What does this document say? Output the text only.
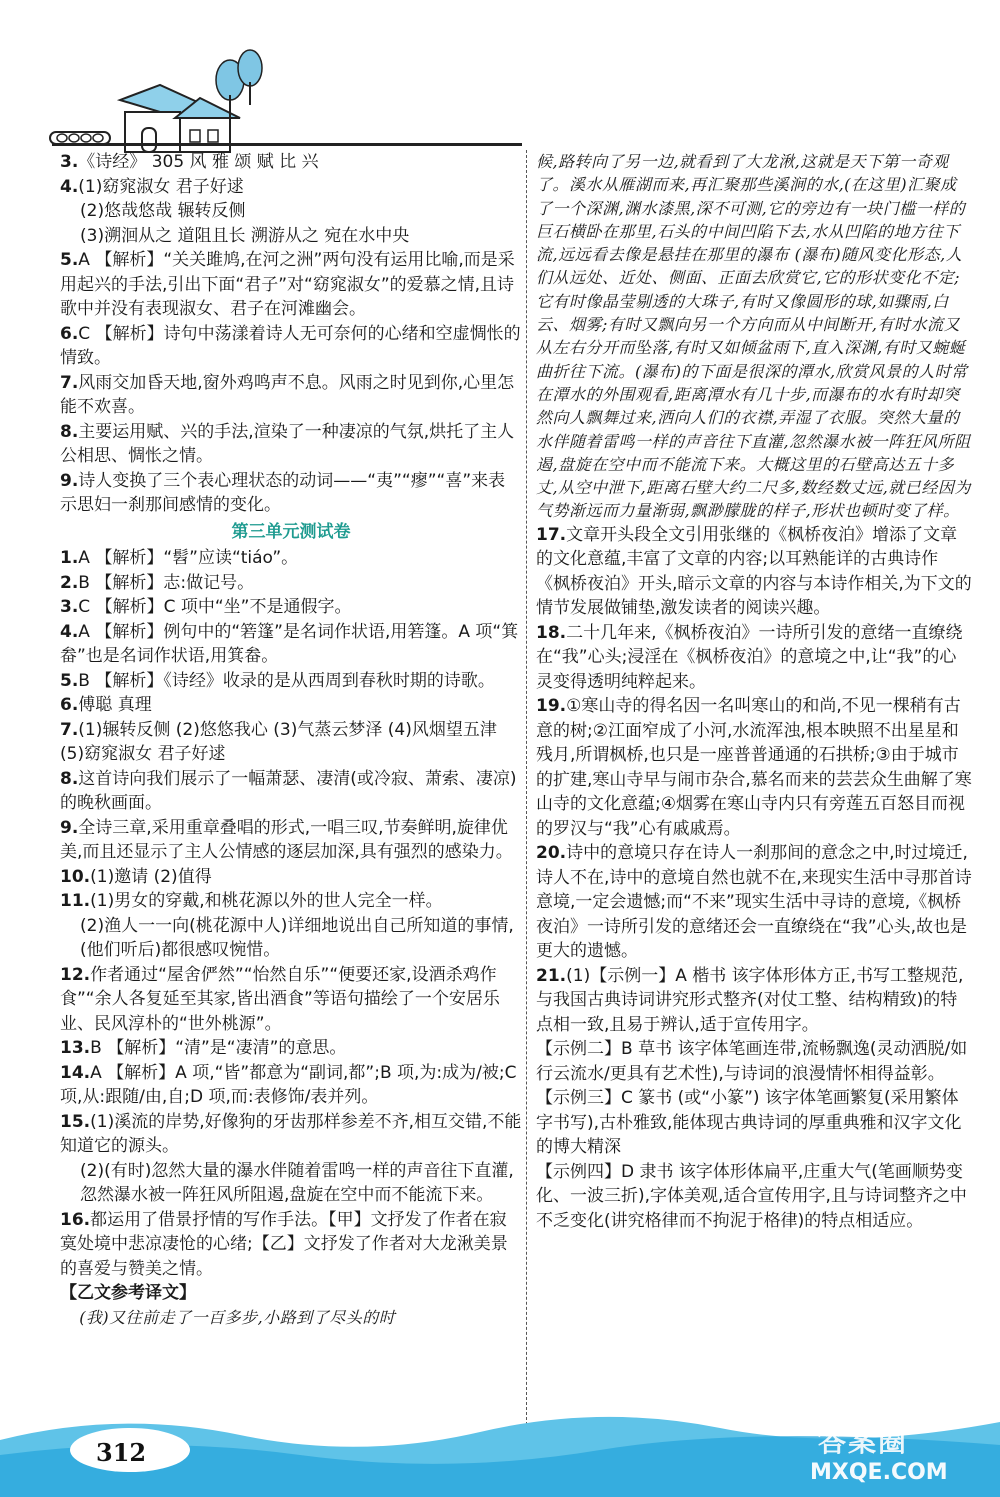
3.《诗经》 305 风 雅 颂 赋 比 兴

4.(1)窈窕淑女 君子好逑

(2)悠哉悠哉 辗转反侧

(3)溯洄从之 道阻且长 溯游从之 宛在水中央

5.A 【解析】“关关雎鸠,在河之洲”两句没有运用比喻,而是采用起兴的手法,引出下面“君子”对“窈窕淑女”的爱慕之情,且诗歌中并没有表现淑女、君子在河滩幽会。

6.C 【解析】诗句中荡漾着诗人无可奈何的心绪和空虚惆怅的情致。

7.风雨交加昏天地,窗外鸡鸣声不息。风雨之时见到你,心里怎能不欢喜。

8.主要运用赋、兴的手法,渲染了一种凄凉的气氛,烘托了主人公相思、惆怅之情。

9.诗人变换了三个表心理状态的动词——“夷”“瘳”“喜”来表示思妇一刹那间感情的变化。

第三单元测试卷

1.A 【解析】“髫”应读“tiáo”。

2.B 【解析】志:做记号。

3.C 【解析】C 项中“坐”不是通假字。

4.A 【解析】例句中的“箬篷”是名词作状语,用箬篷。A 项“箕畚”也是名词作状语,用箕畚。

5.B 【解析】《诗经》收录的是从西周到春秋时期的诗歌。

6.傅聪 真理

7.(1)辗转反侧 (2)悠悠我心 (3)气蒸云梦泽 (4)风烟望五津 (5)窈窕淑女 君子好逑

8.这首诗向我们展示了一幅萧瑟、凄清(或冷寂、萧索、凄凉)的晚秋画面。

9.全诗三章,采用重章叠唱的形式,一唱三叹,节奏鲜明,旋律优美,而且还显示了主人公情感的逐层加深,具有强烈的感染力。

10.(1)邀请 (2)值得

11.(1)男女的穿戴,和桃花源以外的世人完全一样。

(2)渔人一一向(桃花源中人)详细地说出自己所知道的事情,(他们听后)都很感叹惋惜。

12.作者通过“屋舍俨然”“怡然自乐”“便要还家,设酒杀鸡作食”“余人各复延至其家,皆出酒食”等语句描绘了一个安居乐业、民风淳朴的“世外桃源”。

13.B 【解析】“清”是“凄清”的意思。

14.A 【解析】A 项,“皆”都意为“副词,都”;B 项,为:成为/被;C 项,从:跟随/由,自;D 项,而:表修饰/表并列。

15.(1)溪流的岸势,好像狗的牙齿那样参差不齐,相互交错,不能知道它的源头。

(2)(有时)忽然大量的瀑水伴随着雷鸣一样的声音往下直灌,忽然瀑水被一阵狂风所阻遏,盘旋在空中而不能流下来。

16.都运用了借景抒情的写作手法。【甲】文抒发了作者在寂寞处境中悲凉凄怆的心绪;【乙】文抒发了作者对大龙湫美景的喜爱与赞美之情。

【乙文参考译文】

(我)又往前走了一百多步,小路到了尽头的时

候,路转向了另一边,就看到了大龙湫,这就是天下第一奇观了。溪水从雁湖而来,再汇聚那些溪涧的水,(在这里)汇聚成了一个深渊,渊水漆黑,深不可测,它的旁边有一块门槛一样的巨石横卧在那里,石头的中间凹陷下去,水从凹陷的地方往下流,远远看去像是悬挂在那里的瀑布 (瀑布)随风变化形态,人们从远处、近处、侧面、正面去欣赏它,它的形状变化不定;它有时像晶莹剔透的大珠子,有时又像圆形的球,如骤雨,白云、烟雾;有时又飘向另一个方向而从中间断开,有时水流又从左右分开而坠落,有时又如倾盆雨下,直入深渊,有时又蜿蜒曲折往下流。(瀑布)的下面是很深的潭水,欣赏风景的人时常在潭水的外围观看,距离潭水有几十步,而瀑布的水有时却突然向人飘舞过来,洒向人们的衣襟,弄湿了衣服。突然大量的水伴随着雷鸣一样的声音往下直灌,忽然瀑水被一阵狂风所阻遏,盘旋在空中而不能流下来。大概这里的石壁高达五十多丈,从空中泄下,距离石壁大约二尺多,数经数丈远,就已经因为气势渐远而力量渐弱,飘渺朦胧的样子,形状也顿时变了样。

17.文章开头段全文引用张继的《枫桥夜泊》增添了文章的文化意蕴,丰富了文章的内容;以耳熟能详的古典诗作《枫桥夜泊》开头,暗示文章的内容与本诗作相关,为下文的情节发展做铺垫,激发读者的阅读兴趣。

18.二十几年来,《枫桥夜泊》一诗所引发的意绪一直缭绕在“我”心头;浸淫在《枫桥夜泊》的意境之中,让“我”的心灵变得透明纯粹起来。

19.①寒山寺的得名因一名叫寒山的和尚,不见一棵稍有古意的树;②江面窄成了小河,水流浑浊,根本映照不出星星和残月,所谓枫桥,也只是一座普普通通的石拱桥;③由于城市的扩建,寒山寺早与闹市杂合,慕名而来的芸芸众生曲解了寒山寺的文化意蕴;④烟雾在寒山寺内只有旁莲五百怒目而视的罗汉与“我”心有戚戚焉。

20.诗中的意境只存在诗人一刹那间的意念之中,时过境迁,诗人不在,诗中的意境自然也就不在,来现实生活中寻那首诗意境,一定会遗憾;而“不来”现实生活中寻诗的意境,《枫桥夜泊》一诗所引发的意绪还会一直缭绕在“我”心头,故也是更大的遗憾。

21.(1)【示例一】A 楷书 该字体形体方正,书写工整规范,与我国古典诗词讲究形式整齐(对仗工整、结构精致)的特点相一致,且易于辨认,适于宣传用字。

【示例二】B 草书 该字体笔画连带,流畅飘逸(灵动洒脱/如行云流水/更具有艺术性),与诗词的浪漫情怀相得益彰。

【示例三】C 篆书 (或“小篆”) 该字体笔画繁复(采用繁体字书写),古朴雅致,能体现古典诗词的厚重典雅和汉字文化的博大精深

【示例四】D 隶书 该字体形体扁平,庄重大气(笔画顺势变化、一波三折),字体美观,适合宣传用字,且与诗词整齐之中不乏变化(讲究格律而不拘泥于格律)的特点相适应。

312	答案圈
MXQE.COM
